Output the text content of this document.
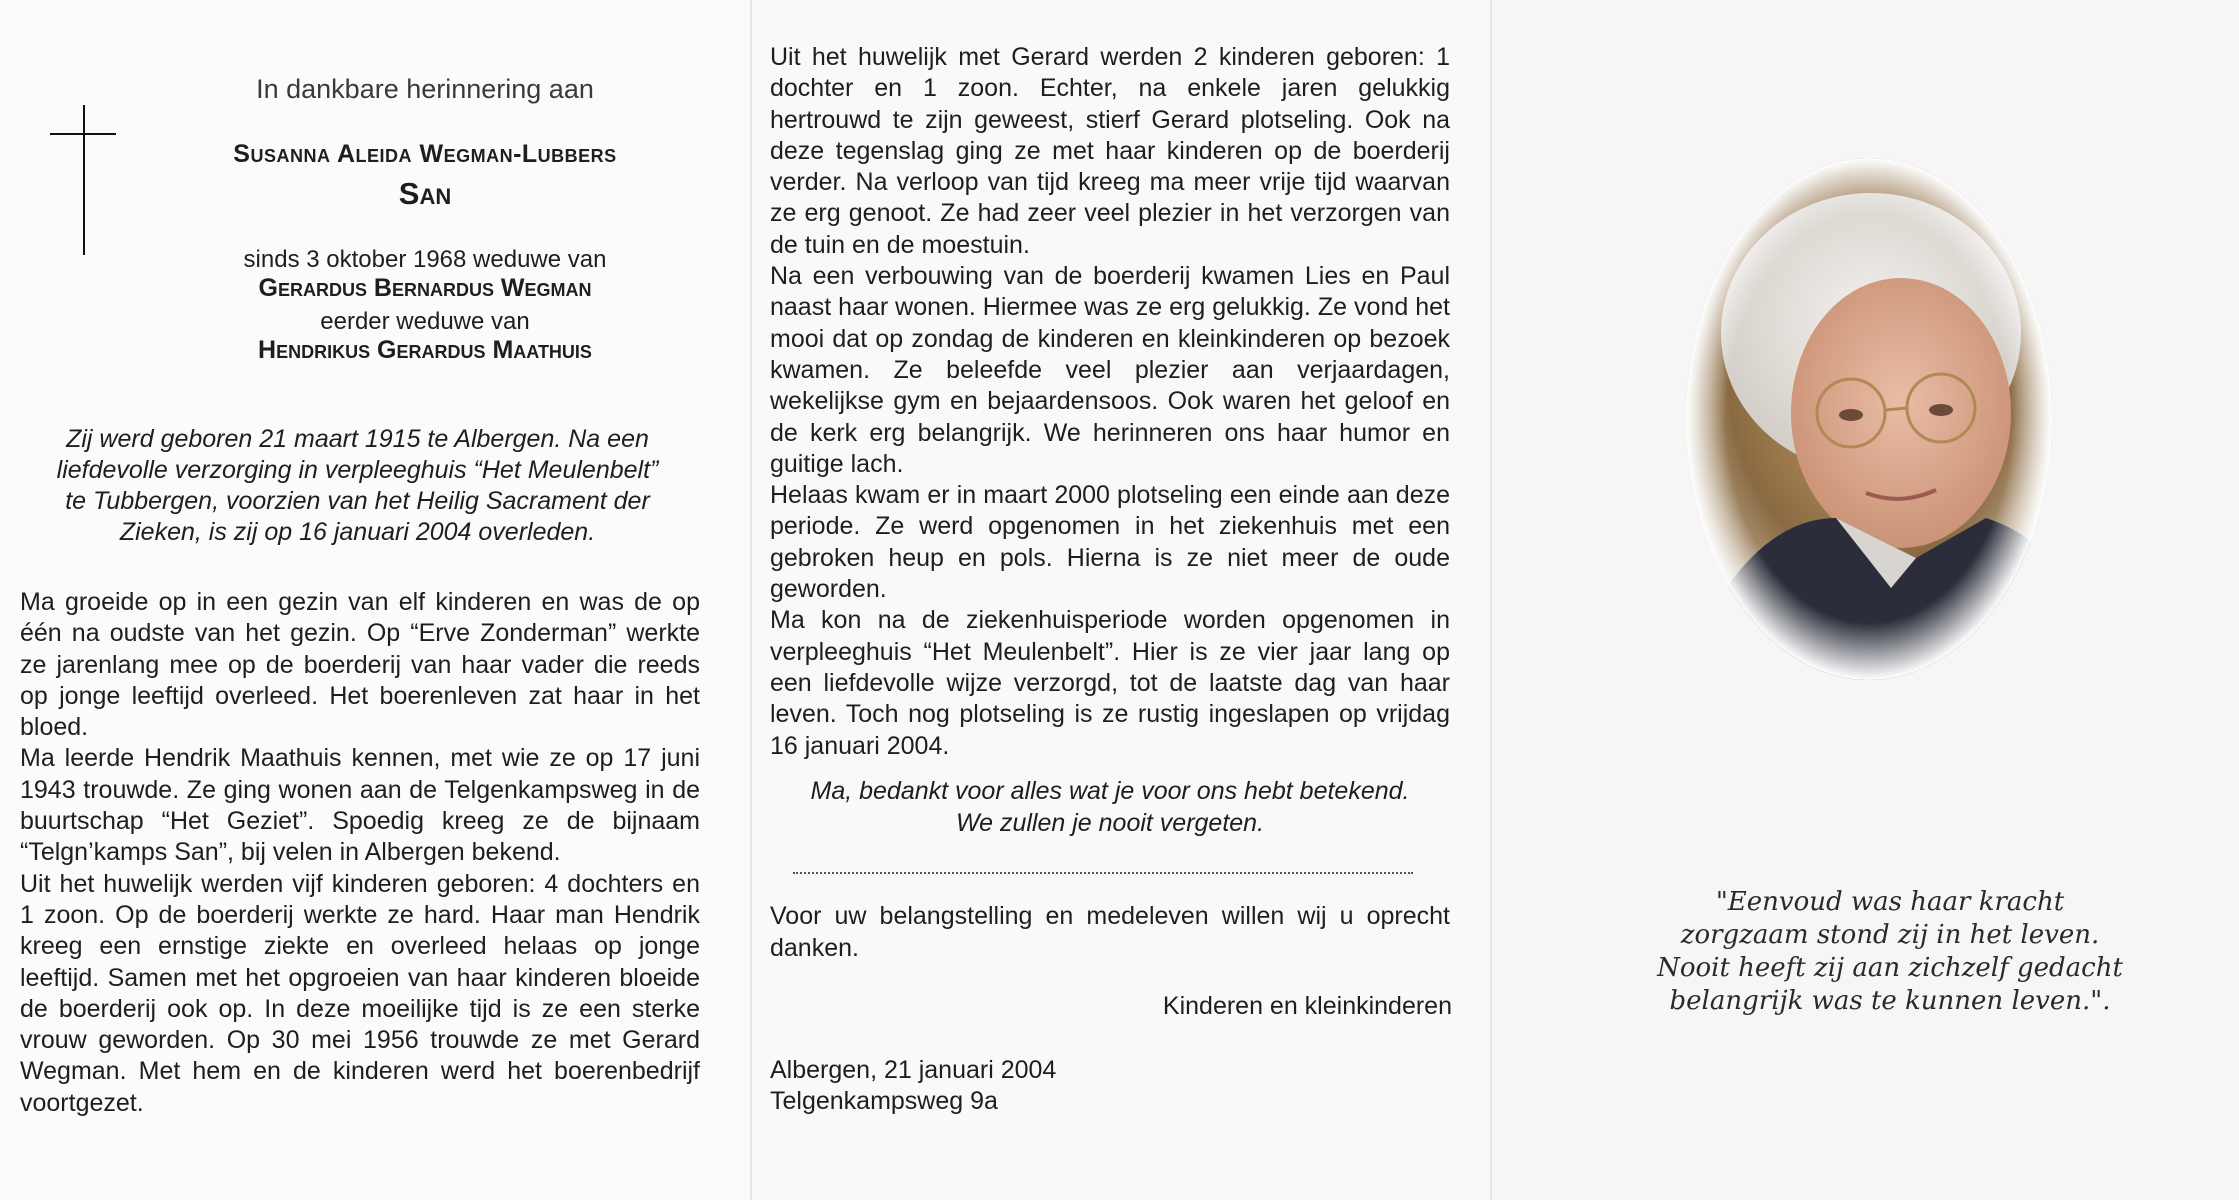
In dankbare herinnering aan
Susanna Aleida Wegman-Lubbers
San
sinds 3 oktober 1968 weduwe van
Gerardus Bernardus Wegman
eerder weduwe van
Hendrikus Gerardus Maathuis
Zij werd geboren 21 maart 1915 te Albergen. Na een
liefdevolle verzorging in verpleeghuis “Het Meulenbelt”
te Tubbergen, voorzien van het Heilig Sacrament der
Zieken, is zij op 16 januari 2004 overleden.

Ma groeide op in een gezin van elf kinderen en was de op één na oudste van het gezin. Op “Erve Zonderman” werkte ze jarenlang mee op de boerderij van haar vader die reeds op jonge leeftijd overleed. Het boerenleven zat haar in het bloed.

Ma leerde Hendrik Maathuis kennen, met wie ze op 17 juni 1943 trouwde. Ze ging wonen aan de Telgenkampsweg in de buurtschap “Het Geziet”. Spoedig kreeg ze de bijnaam “Telgn’kamps San”, bij velen in Albergen bekend.

Uit het huwelijk werden vijf kinderen geboren: 4 dochters en 1 zoon. Op de boerderij werkte ze hard. Haar man Hendrik kreeg een ernstige ziekte en overleed helaas op jonge leeftijd. Samen met het opgroeien van haar kinderen bloeide de boerderij ook op. In deze moeilijke tijd is ze een sterke vrouw geworden. Op 30 mei 1956 trouwde ze met Gerard Wegman. Met hem en de kinderen werd het boerenbedrijf voortgezet.

Uit het huwelijk met Gerard werden 2 kinderen geboren: 1 dochter en 1 zoon. Echter, na enkele jaren gelukkig hertrouwd te zijn geweest, stierf Gerard plotseling. Ook na deze tegenslag ging ze met haar kinderen op de boerderij verder. Na verloop van tijd kreeg ma meer vrije tijd waarvan ze erg genoot. Ze had zeer veel plezier in het verzorgen van de tuin en de moestuin.

Na een verbouwing van de boerderij kwamen Lies en Paul naast haar wonen. Hiermee was ze erg gelukkig. Ze vond het mooi dat op zondag de kinderen en kleinkinderen op bezoek kwamen. Ze beleefde veel plezier aan verjaardagen, wekelijkse gym en bejaardensoos. Ook waren het geloof en de kerk erg belangrijk. We herinneren ons haar humor en guitige lach.

Helaas kwam er in maart 2000 plotseling een einde aan deze periode. Ze werd opgenomen in het ziekenhuis met een gebroken heup en pols. Hierna is ze niet meer de oude geworden.

Ma kon na de ziekenhuisperiode worden opgenomen in verpleeghuis “Het Meulenbelt”. Hier is ze vier jaar lang op een liefdevolle wijze verzorgd, tot de laatste dag van haar leven. Toch nog plotseling is ze rustig ingeslapen op vrijdag 16 januari 2004.

Ma, bedankt voor alles wat je voor ons hebt betekend.
We zullen je nooit vergeten.
Voor uw belangstelling en medeleven willen wij u oprecht danken.
Kinderen en kleinkinderen
Albergen, 21 januari 2004
Telgenkampsweg 9a
"Eenvoud was haar kracht
zorgzaam stond zij in het leven.
Nooit heeft zij aan zichzelf gedacht
belangrijk was te kunnen leven.".
